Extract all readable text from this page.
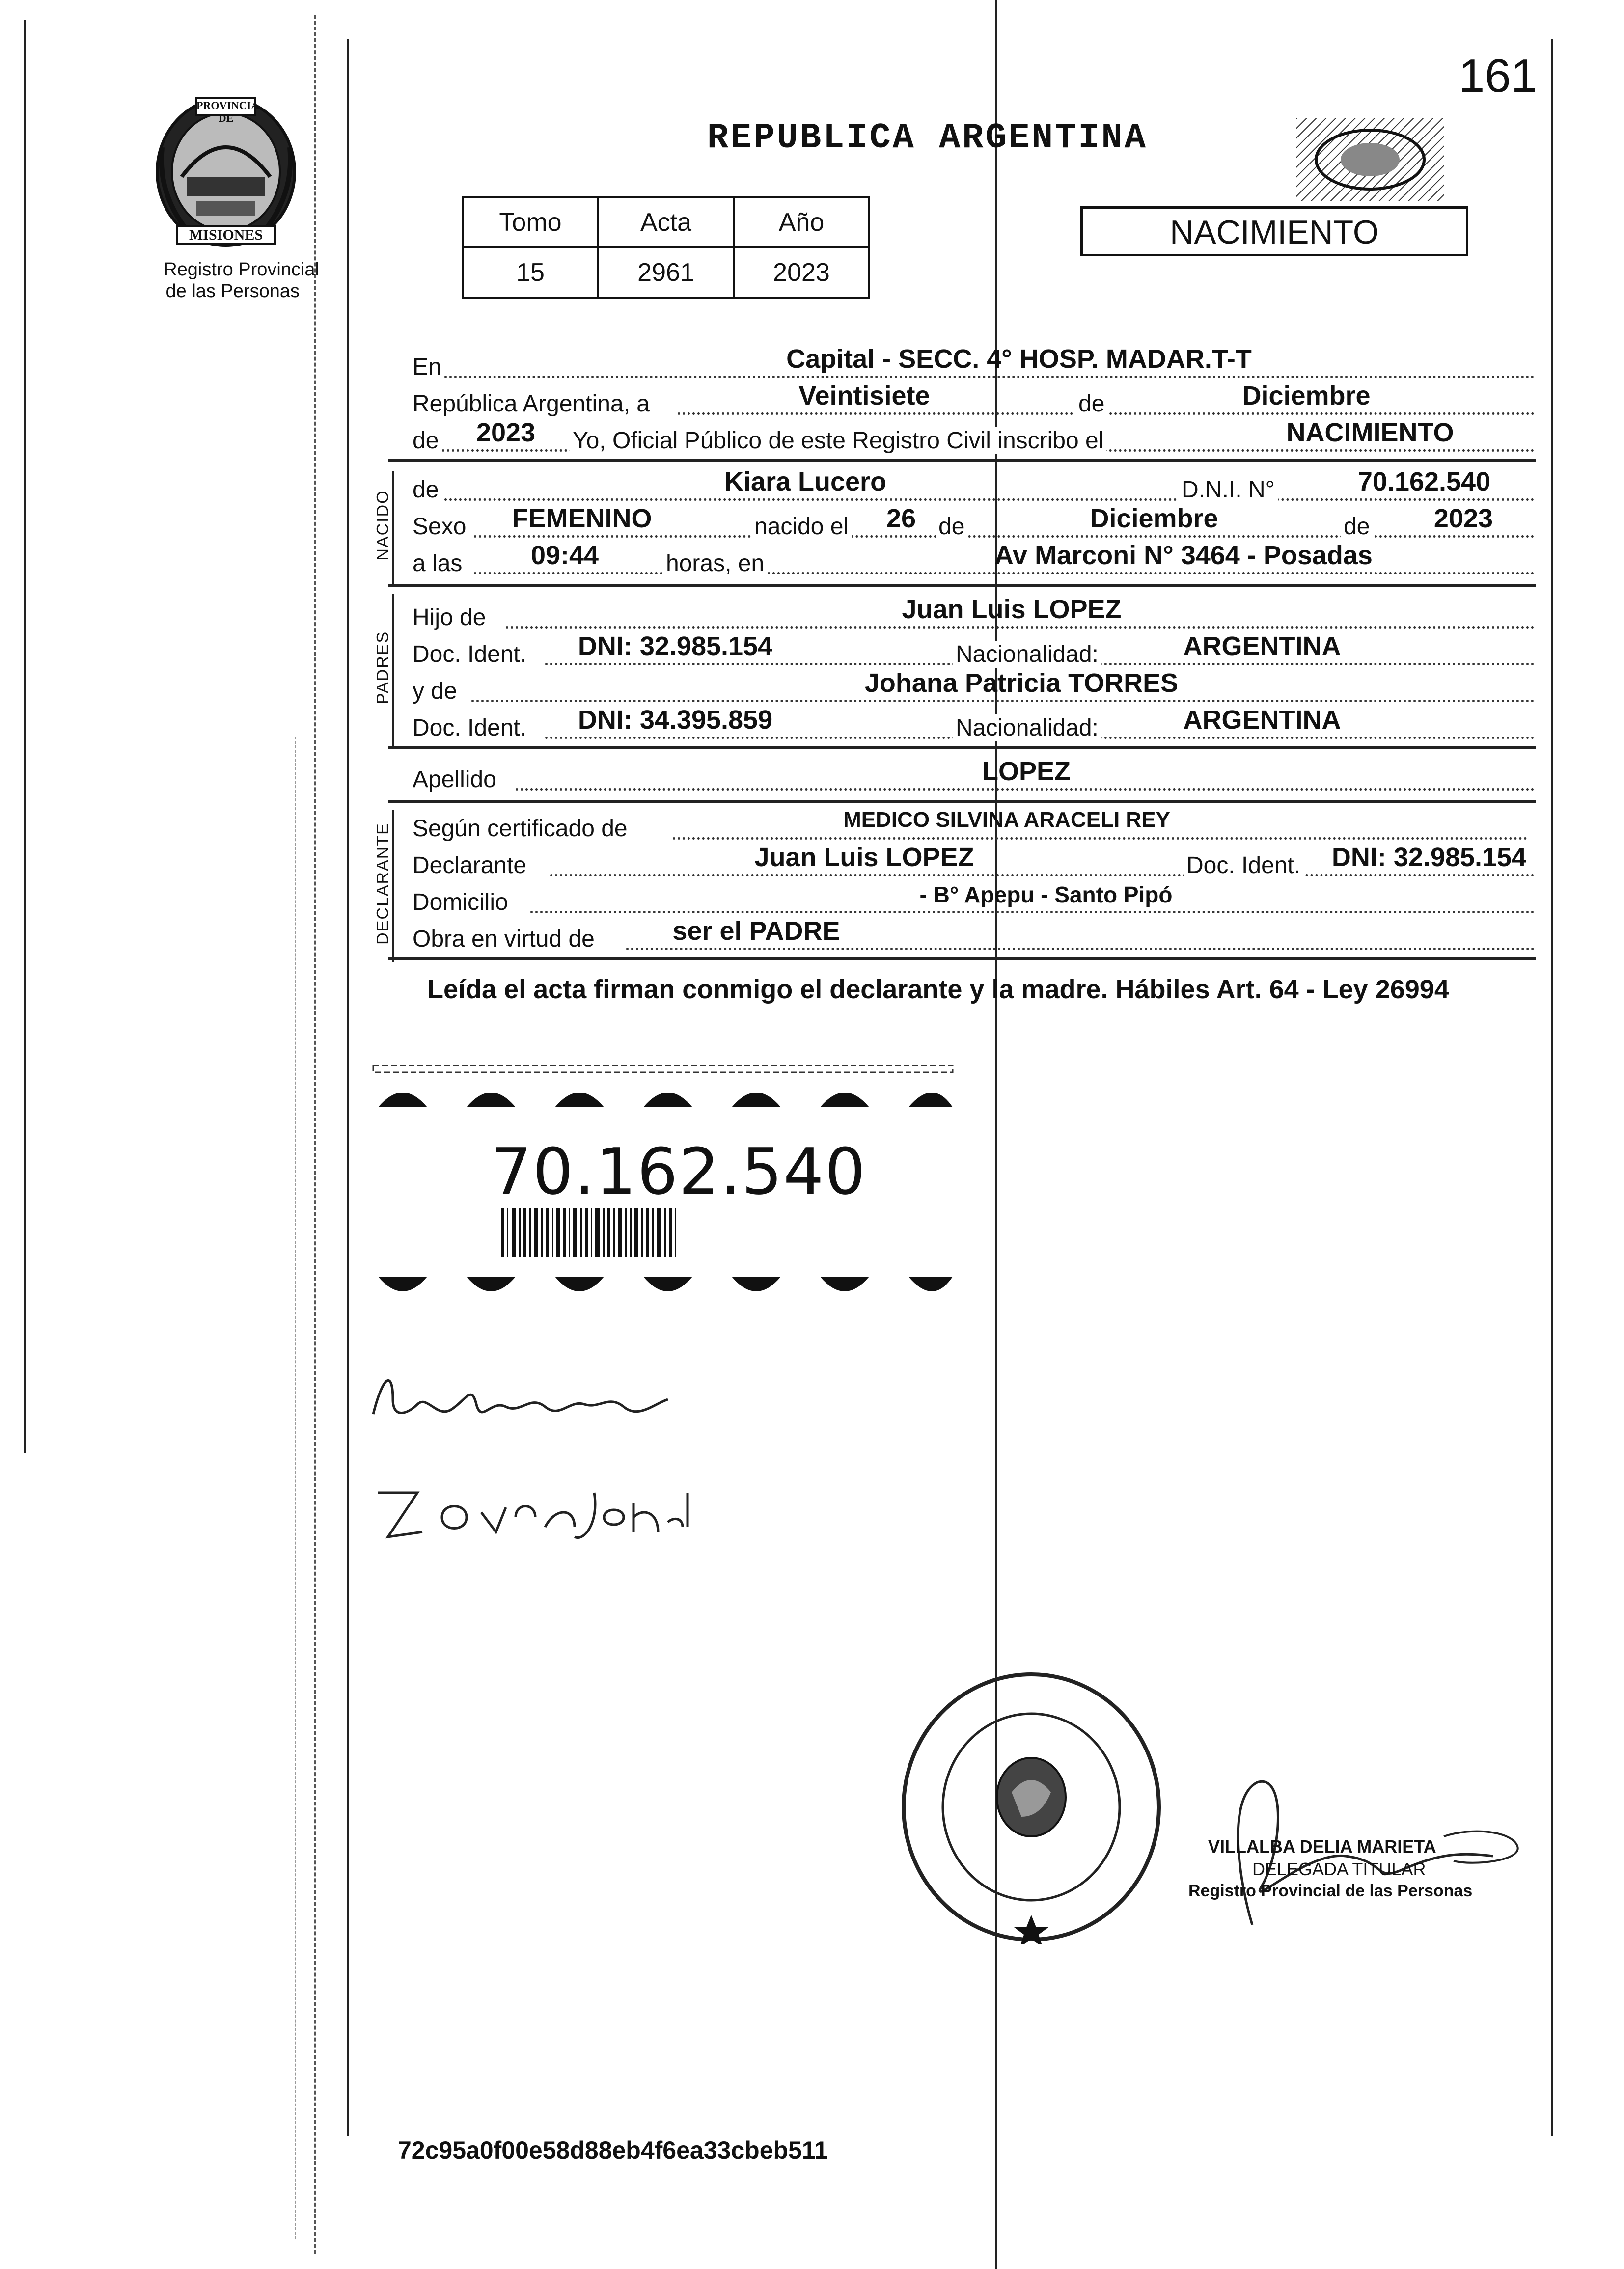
161
PROVINCIA DE
MISIONES
Registro Provincial
de las Personas
REPUBLICA ARGENTINA
Tomo	Acta	Año
15	2961	2023
NACIMIENTO
En	Capital - SECC. 4° HOSP. MADAR.T-T
República Argentina, a	Veintisiete	de	Diciembre
de	2023	Yo, Oficial Público de este Registro Civil inscribo el	NACIMIENTO
NACIDO de	Kiara Lucero	D.N.I. N°	70.162.540
Sexo	FEMENINO	nacido el 26 de	Diciembre	de	2023
a las	09:44	horas, en	Av Marconi N° 3464 - Posadas
PADRES
Hijo de	Juan Luis LOPEZ
Doc. Ident.	DNI: 32.985.154	Nacionalidad:	ARGENTINA
y de	Johana Patricia TORRES
Doc. Ident.	DNI: 34.395.859	Nacionalidad:	ARGENTINA
Apellido	LOPEZ
DECLARANTE Según certificado de	MEDICO SILVINA ARACELI REY
Declarante	Juan Luis LOPEZ	Doc. Ident. DNI: 32.985.154
Domicilio	- B° Apepu - Santo Pipó
Obra en virtud de	ser el PADRE
Leída el acta firman conmigo el declarante y la madre. Hábiles Art. 64 - Ley 26994
70.162.540
VILLALBA DELIA MARIETA
DELEGADA TITULAR
Registro Provincial de las Personas
72c95a0f00e58d88eb4f6ea33cbeb511
